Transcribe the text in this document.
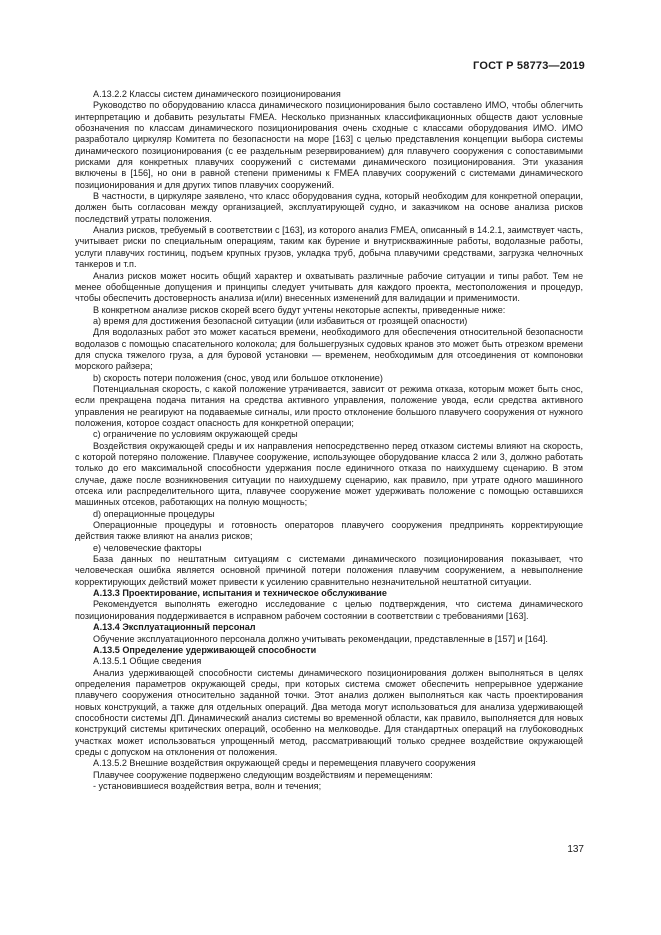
ГОСТ Р 58773—2019

А.13.2.2 Классы систем динамического позиционирования

Руководство по оборудованию класса динамического позиционирования было составлено ИМО, чтобы облегчить интерпретацию и добавить результаты FMEA. Несколько признанных классификационных обществ дают условные обозначения по классам динамического позиционирования очень сходные с классами оборудования ИМО. ИМО разработало циркуляр Комитета по безопасности на море [163] с целью представления концепции выбора системы динамического позиционирования (с ее раздельным резервированием) для плавучего сооружения с сопоставимыми рисками для конкретных плавучих сооружений с системами динамического позиционирования. Эти указания включены в [156], но они в равной степени применимы к FMEA плавучих сооружений с системами динамического позиционирования и для других типов плавучих сооружений.

В частности, в циркуляре заявлено, что класс оборудования судна, который необходим для конкретной операции, должен быть согласован между организацией, эксплуатирующей судно, и заказчиком на основе анализа рисков последствий утраты положения.

Анализ рисков, требуемый в соответствии с [163], из которого анализ FMEA, описанный в 14.2.1, заимствует часть, учитывает риски по специальным операциям, таким как бурение и внутрискважинные работы, водолазные работы, услуги плавучих гостиниц, подъем крупных грузов, укладка труб, добыча плавучими средствами, загрузка челночных танкеров и т.п.

Анализ рисков может носить общий характер и охватывать различные рабочие ситуации и типы работ. Тем не менее обобщенные допущения и принципы следует учитывать для каждого проекта, местоположения и процедур, чтобы обеспечить достоверность анализа и(или) внесенных изменений для валидации и применимости.

В конкретном анализе рисков скорей всего будут учтены некоторые аспекты, приведенные ниже:

а) время для достижения безопасной ситуации (или избавиться от грозящей опасности)

Для водолазных работ это может касаться времени, необходимого для обеспечения относительной безопасности водолазов с помощью спасательного колокола; для большегрузных судовых кранов это может быть отрезком времени для спуска тяжелого груза, а для буровой установки — временем, необходимым для отсоединения от компоновки морского райзера;

b) скорость потери положения (снос, увод или большое отклонение)

Потенциальная скорость, с какой положение утрачивается, зависит от режима отказа, которым может быть снос, если прекращена подача питания на средства активного управления, положение увода, если средства активного управления не реагируют на подаваемые сигналы, или просто отклонение большого плавучего сооружения от нужного положения, которое создаст опасность для конкретной операции;

с) ограничение по условиям окружающей среды

Воздействия окружающей среды и их направления непосредственно перед отказом системы влияют на скорость, с которой потеряно положение. Плавучее сооружение, использующее оборудование класса 2 или 3, должно работать только до его максимальной способности удержания после единичного отказа по наихудшему сценарию. В этом случае, даже после возникновения ситуации по наихудшему сценарию, как правило, при утрате одного машинного отсека или распределительного щита, плавучее сооружение может удерживать положение с помощью оставшихся машинных отсеков, работающих на полную мощность;

d) операционные процедуры

Операционные процедуры и готовность операторов плавучего сооружения предпринять корректирующие действия также влияют на анализ рисков;

е) человеческие факторы

База данных по нештатным ситуациям с системами динамического позиционирования показывает, что человеческая ошибка является основной причиной потери положения плавучим сооружением, а невыполнение корректирующих действий может привести к усилению сравнительно незначительной нештатной ситуации.

А.13.3 Проектирование, испытания и техническое обслуживание

Рекомендуется выполнять ежегодно исследование с целью подтверждения, что система динамического позиционирования поддерживается в исправном рабочем состоянии в соответствии с требованиями [163].

А.13.4 Эксплуатационный персонал

Обучение эксплуатационного персонала должно учитывать рекомендации, представленные в [157] и [164].

А.13.5 Определение удерживающей способности

А.13.5.1 Общие сведения

Анализ удерживающей способности системы динамического позиционирования должен выполняться в целях определения параметров окружающей среды, при которых система сможет обеспечить непрерывное удержание плавучего сооружения относительно заданной точки. Этот анализ должен выполняться как часть проектирования новых конструкций, а также для отдельных операций. Два метода могут использоваться для анализа удерживающей способности системы ДП. Динамический анализ системы во временной области, как правило, выполняется для новых конструкций системы критических операций, особенно на мелководье. Для стандартных операций на глубоководных участках может использоваться упрощенный метод, рассматривающий только среднее воздействие окружающей среды с допуском на отклонения от положения.

А.13.5.2 Внешние воздействия окружающей среды и перемещения плавучего сооружения

Плавучее сооружение подвержено следующим воздействиям и перемещениям:

- установившиеся воздействия ветра, волн и течения;

137
